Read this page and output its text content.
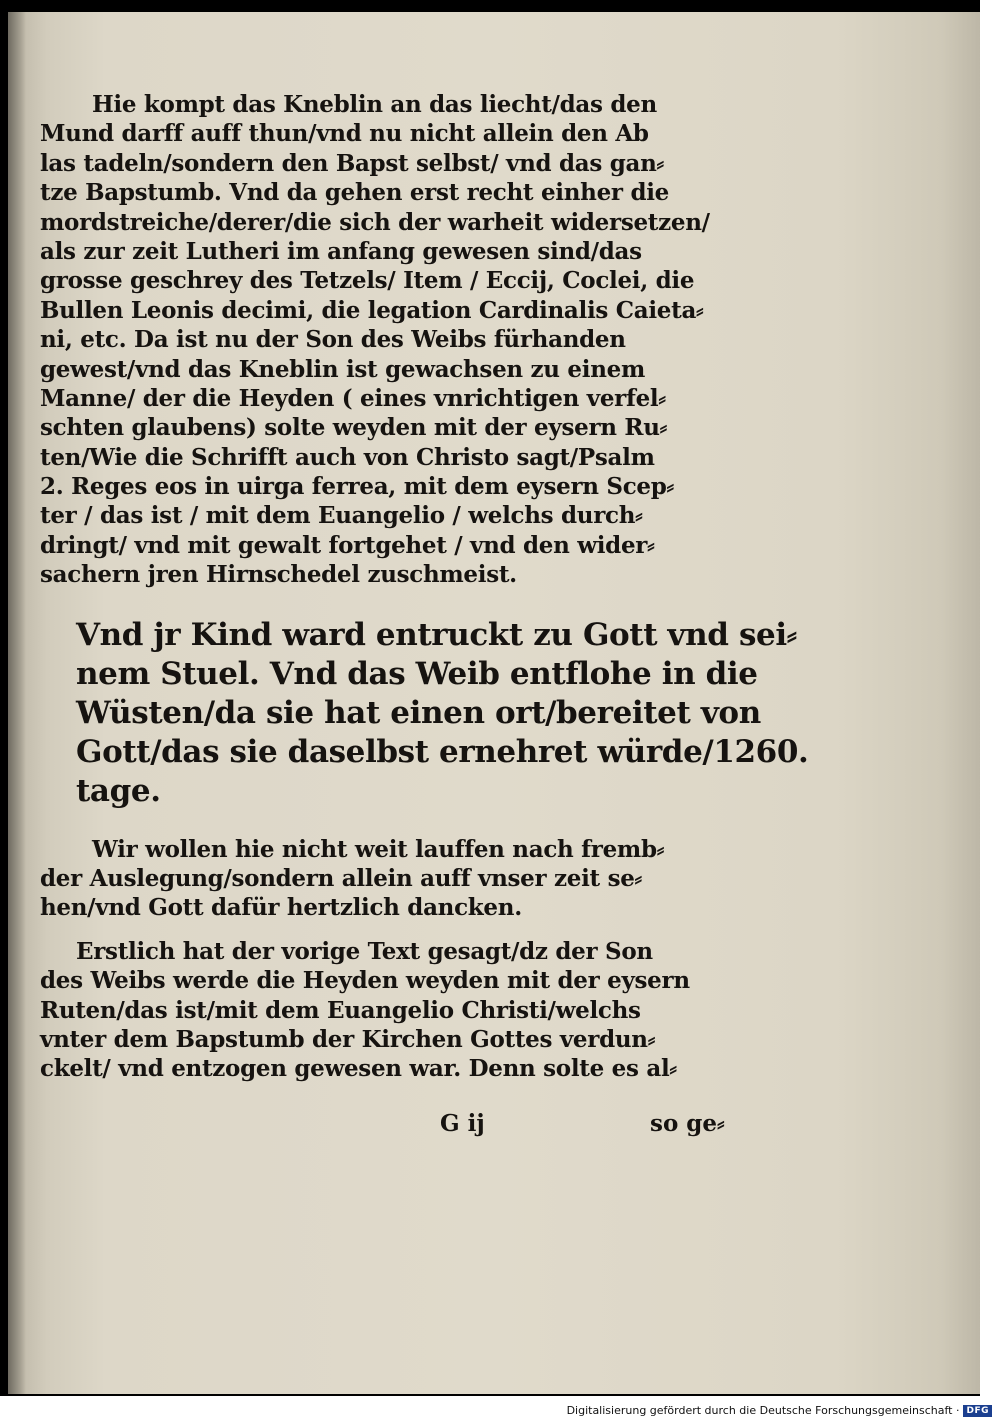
Hie kompt das Kneblin an das liecht/das den
Mund darff auff thun/vnd nu nicht allein den Ab
las tadeln/sondern den Bapst selbst/ vnd das gan⸗
tze Bapstumb. Vnd da gehen erst recht einher die
mordstreiche/derer/die sich der warheit widersetzen/
als zur zeit Lutheri im anfang gewesen sind/das
grosse geschrey des Tetzels/ Item / Eccij, Coclei, die
Bullen Leonis decimi, die legation Cardinalis Caieta⸗
ni, etc. Da ist nu der Son des Weibs fürhanden
gewest/vnd das Kneblin ist gewachsen zu einem
Manne/ der die Heyden ( eines vnrichtigen verfel⸗
schten glaubens) solte weyden mit der eysern Ru⸗
ten/Wie die Schrifft auch von Christo sagt/Psalm
2. Reges eos in uirga ferrea, mit dem eysern Scep⸗
ter / das ist / mit dem Euangelio / welchs durch⸗
dringt/ vnd mit gewalt fortgehet / vnd den wider⸗
sachern jren Hirnschedel zuschmeist.
Vnd jr Kind ward entruckt zu Gott vnd sei⸗
nem Stuel. Vnd das Weib entflohe in die
Wüsten/da sie hat einen ort/bereitet von
Gott/das sie daselbst ernehret würde/1260.
tage.
Wir wollen hie nicht weit lauffen nach fremb⸗
der Auslegung/sondern allein auff vnser zeit se⸗
hen/vnd Gott dafür hertzlich dancken.
Erstlich hat der vorige Text gesagt/dz der Son
des Weibs werde die Heyden weyden mit der eysern
Ruten/das ist/mit dem Euangelio Christi/welchs
vnter dem Bapstumb der Kirchen Gottes verdun⸗
ckelt/ vnd entzogen gewesen war. Denn solte es al⸗
G ij	so ge⸗
Digitalisierung gefördert durch die Deutsche Forschungsgemeinschaft · DFG
